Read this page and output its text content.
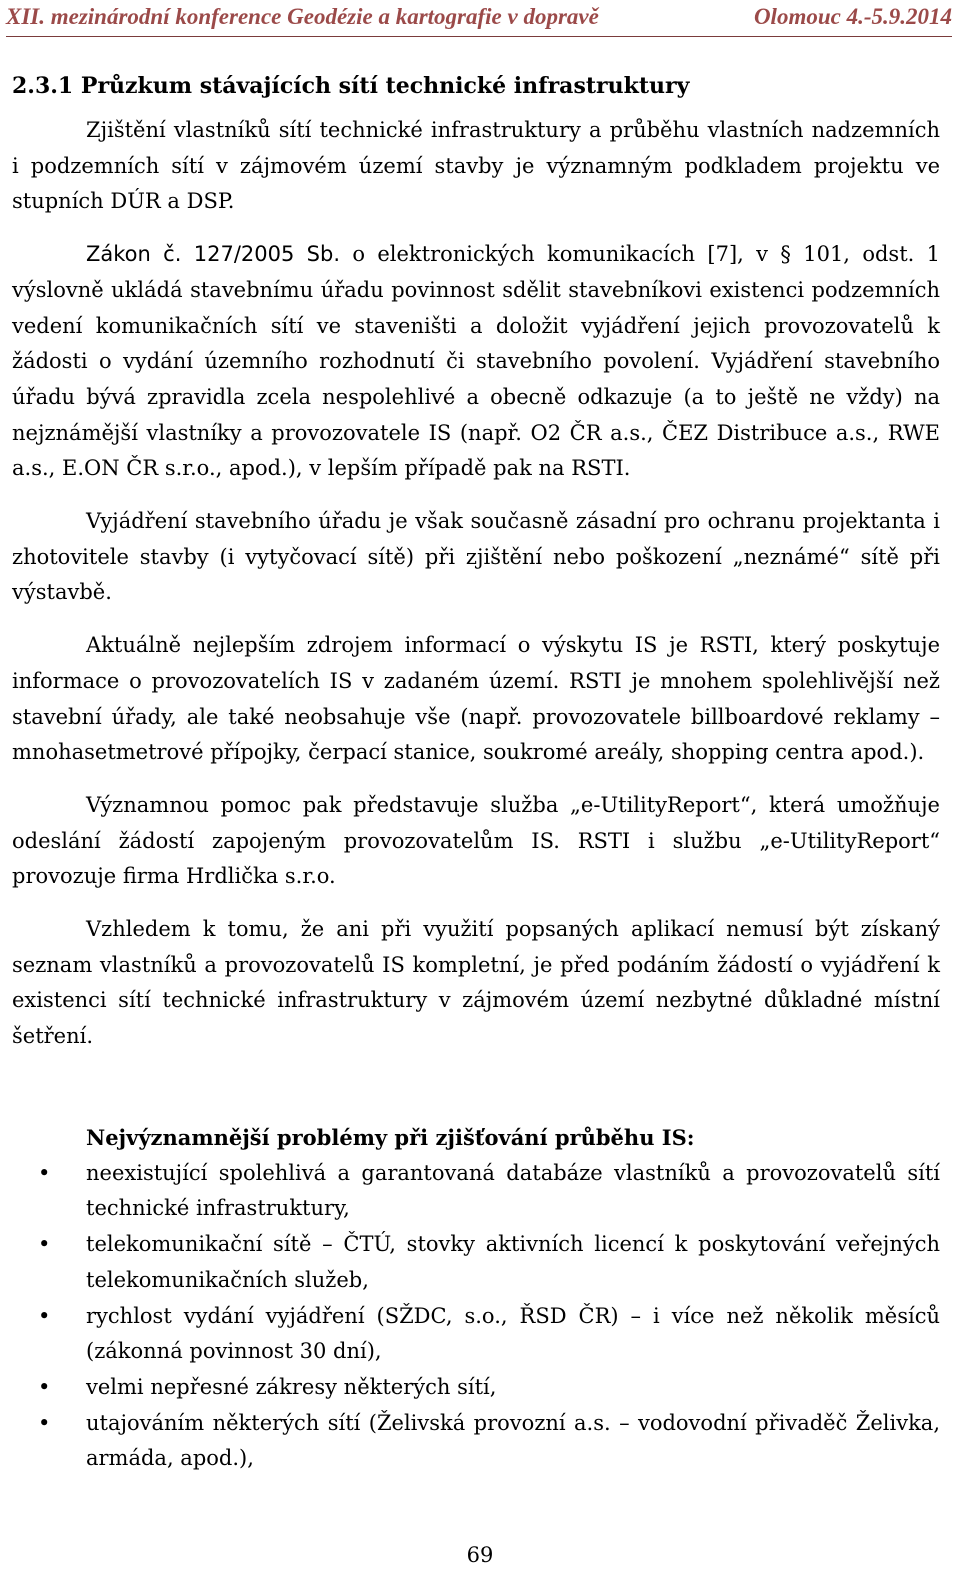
XII. mezinárodní konference Geodézie a kartografie v dopravě	Olomouc 4.-5.9.2014
2.3.1 Průzkum stávajících sítí technické infrastruktury

Zjištění vlastníků sítí technické infrastruktury a průběhu vlastních nadzemních i podzemních sítí v zájmovém území stavby je významným podkladem projektu ve stupních DÚR a DSP.

Zákon č. 127/2005 Sb. o elektronických komunikacích [7], v § 101, odst. 1 výslovně ukládá stavebnímu úřadu povinnost sdělit stavebníkovi existenci podzemních vedení komunikačních sítí ve staveništi a doložit vyjádření jejich provozovatelů k žádosti o vydání územního rozhodnutí či stavebního povolení. Vyjádření stavebního úřadu bývá zpravidla zcela nespolehlivé a obecně odkazuje (a to ještě ne vždy) na nejznámější vlastníky a provozovatele IS (např. O2 ČR a.s., ČEZ Distribuce a.s., RWE a.s., E.ON ČR s.r.o., apod.), v lepším případě pak na RSTI.

Vyjádření stavebního úřadu je však současně zásadní pro ochranu projektanta i zhotovitele stavby (i vytyčovací sítě) při zjištění nebo poškození „neznámé“ sítě při výstavbě.

Aktuálně nejlepším zdrojem informací o výskytu IS je RSTI, který poskytuje informace o provozovatelích IS v zadaném území. RSTI je mnohem spolehlivější než stavební úřady, ale také neobsahuje vše (např. provozovatele billboardové reklamy – mnohasetmetrové přípojky, čerpací stanice, soukromé areály, shopping centra apod.).

Významnou pomoc pak představuje služba „e-UtilityReport“, která umožňuje odeslání žádostí zapojeným provozovatelům IS. RSTI i službu „e-UtilityReport“ provozuje firma Hrdlička s.r.o.

Vzhledem k tomu, že ani při využití popsaných aplikací nemusí být získaný seznam vlastníků a provozovatelů IS kompletní, je před podáním žádostí o vyjádření k existenci sítí technické infrastruktury v zájmovém území nezbytné důkladné místní šetření.

Nejvýznamnější problémy při zjišťování průběhu IS:

• neexistující spolehlivá a garantovaná databáze vlastníků a provozovatelů sítí technické infrastruktury,
• telekomunikační sítě – ČTÚ, stovky aktivních licencí k poskytování veřejných telekomunikačních služeb,
• rychlost vydání vyjádření (SŽDC, s.o., ŘSD ČR) – i více než několik měsíců (zákonná povinnost 30 dní),
• velmi nepřesné zákresy některých sítí,
• utajováním některých sítí (Želivská provozní a.s. – vodovodní přivaděč Želivka, armáda, apod.),
69
